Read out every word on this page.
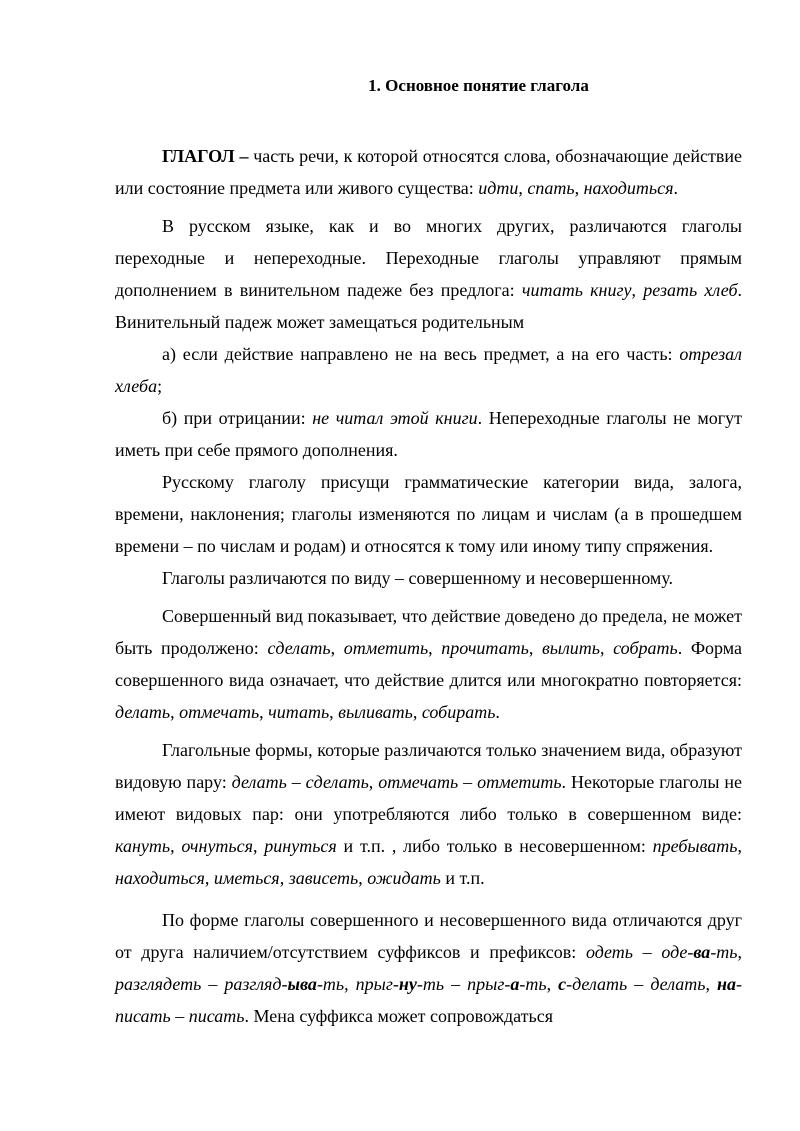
1. Основное понятие глагола

ГЛАГОЛ – часть речи, к которой относятся слова, обозначающие действие или состояние предмета или живого существа: идти, спать, находиться.

В русском языке, как и во многих других, различаются глаголы переходные и непереходные. Переходные глаголы управляют прямым дополнением в винительном падеже без предлога: читать книгу, резать хлеб. Винительный падеж может замещаться родительным

а) если действие направлено не на весь предмет, а на его часть: отрезал хлеба;

б) при отрицании: не читал этой книги. Непереходные глаголы не могут иметь при себе прямого дополнения.

Русскому глаголу присущи грамматические категории вида, залога, времени, наклонения; глаголы изменяются по лицам и числам (а в прошедшем времени – по числам и родам) и относятся к тому или иному типу спряжения.

Глаголы различаются по виду – совершенному и несовершенному.

Совершенный вид показывает, что действие доведено до предела, не может быть продолжено: сделать, отметить, прочитать, вылить, собрать. Форма совершенного вида означает, что действие длится или многократно повторяется: делать, отмечать, читать, выливать, собирать.

Глагольные формы, которые различаются только значением вида, образуют видовую пару: делать – сделать, отмечать – отметить. Некоторые глаголы не имеют видовых пар: они употребляются либо только в совершенном виде: кануть, очнуться, ринуться и т.п. , либо только в несовершенном: пребывать, находиться, иметься, зависеть, ожидать и т.п.

По форме глаголы совершенного и несовершенного вида отличаются друг от друга наличием/отсутствием суффиксов и префиксов: одеть – оде-ва-ть, разглядеть – разгляд-ыва-ть, прыг-ну-ть – прыг-а-ть, с-делать – делать, на-писать – писать. Мена суффикса может сопровождаться
